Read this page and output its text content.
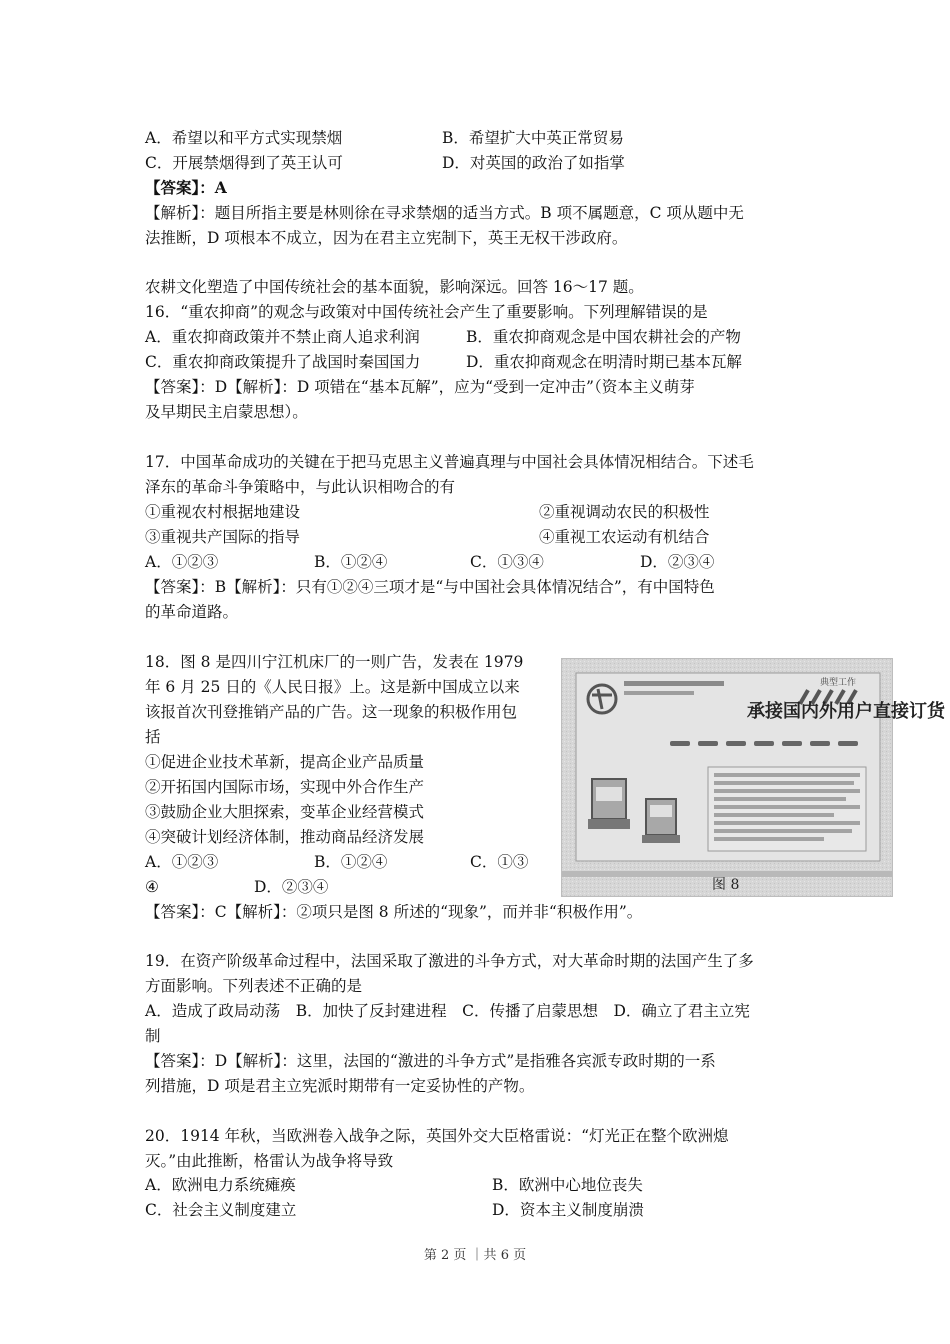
A．希望以和平方式实现禁烟	B．希望扩大中英正常贸易
C．开展禁烟得到了英王认可	D．对英国的政治了如指掌
【答案】：A
【解析】：题目所指主要是林则徐在寻求禁烟的适当方式。B 项不属题意，C 项从题中无
法推断，D 项根本不成立，因为在君主立宪制下，英王无权干涉政府。
农耕文化塑造了中国传统社会的基本面貌，影响深远。回答 16～17 题。
16．“重农抑商”的观念与政策对中国传统社会产生了重要影响。下列理解错误的是
A．重农抑商政策并不禁止商人追求利润	B．重农抑商观念是中国农耕社会的产物
C．重农抑商政策提升了战国时秦国国力	D．重农抑商观念在明清时期已基本瓦解
【答案】：D【解析】：D 项错在“基本瓦解”，应为“受到一定冲击”（资本主义萌芽
及早期民主启蒙思想）。
17．中国革命成功的关键在于把马克思主义普遍真理与中国社会具体情况相结合。下述毛
泽东的革命斗争策略中，与此认识相吻合的有
①重视农村根据地建设	②重视调动农民的积极性
③重视共产国际的指导	④重视工农运动有机结合
A．①②③	B．①②④	C．①③④	D．②③④
【答案】：B【解析】：只有①②④三项才是“与中国社会具体情况结合”，有中国特色
的革命道路。
18．图 8 是四川宁江机床厂的一则广告，发表在 1979
年 6 月 25 日的《人民日报》上。这是新中国成立以来
该报首次刊登推销产品的广告。这一现象的积极作用包
括
①促进企业技术革新，提高企业产品质量
②开拓国内国际市场，实现中外合作生产
③鼓励企业大胆探索，变革企业经营模式
④突破计划经济体制，推动商品经济发展
A．①②③	B．①②④	C．①③
④	D．②③④
【答案】：C【解析】：②项只是图 8 所述的“现象”，而并非“积极作用”。
承接国内外用户直接订货
典型工作
图 8
19．在资产阶级革命过程中，法国采取了激进的斗争方式，对大革命时期的法国产生了多
方面影响。下列表述不正确的是
A．造成了政局动荡　B．加快了反封建进程　C．传播了启蒙思想　D．确立了君主立宪
制
【答案】：D【解析】：这里，法国的“激进的斗争方式”是指雅各宾派专政时期的一系
列措施，D 项是君主立宪派时期带有一定妥协性的产物。
20．1914 年秋，当欧洲卷入战争之际，英国外交大臣格雷说：“灯光正在整个欧洲熄
灭。”由此推断，格雷认为战争将导致
A．欧洲电力系统瘫痪	B．欧洲中心地位丧失
C．社会主义制度建立	D．资本主义制度崩溃
第 2 页 ｜共 6 页
